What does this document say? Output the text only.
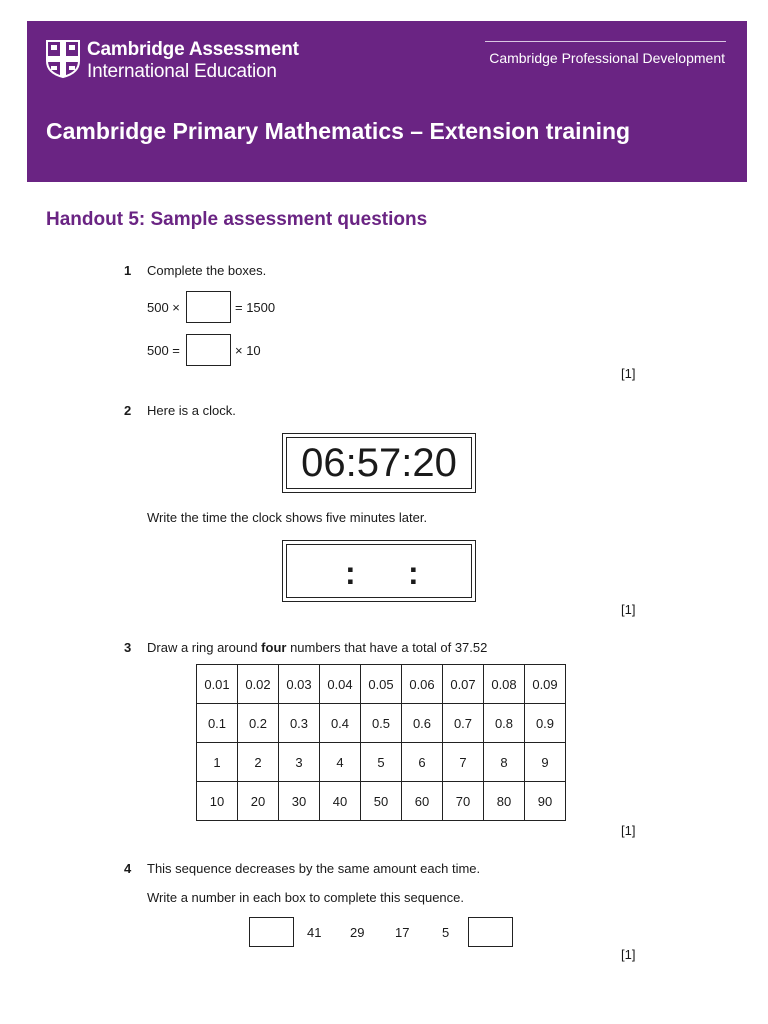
Cambridge Assessment
International Education
Cambridge Professional Development
Cambridge Primary Mathematics – Extension training
Handout 5: Sample assessment questions
1 Complete the boxes.
500 ×	= 1500
500 =	× 10
[1]
2 Here is a clock.
06:57:20
Write the time the clock shows five minutes later.
: :
[1]
3 Draw a ring around four numbers that have a total of 37.52
0.01	0.02	0.03	0.04	0.05	0.06	0.07	0.08	0.09
0.1	0.2	0.3	0.4	0.5	0.6	0.7	0.8	0.9
1	2	3	4	5	6	7	8	9
10	20	30	40	50	60	70	80	90
[1]
4 This sequence decreases by the same amount each time.
Write a number in each box to complete this sequence.
41 29 17	5
[1]
